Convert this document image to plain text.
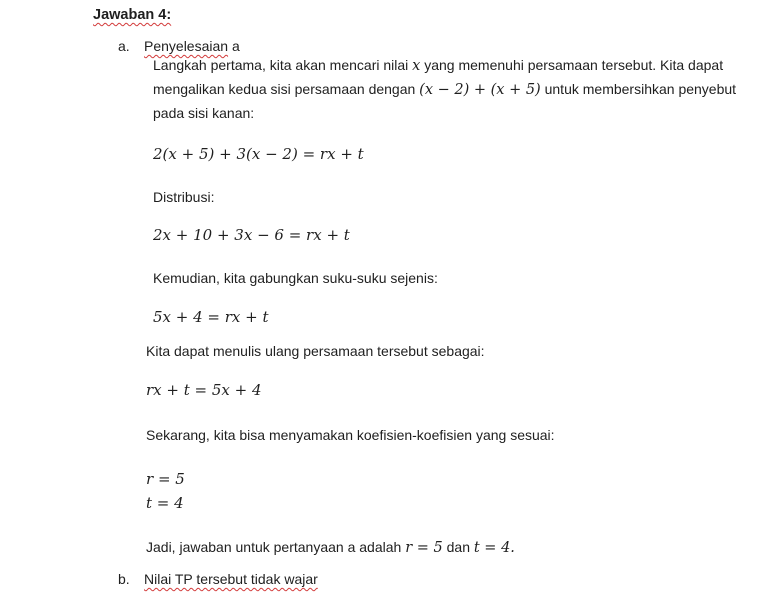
Jawaban 4:
a. Penyelesaian a
Langkah pertama, kita akan mencari nilai x yang memenuhi persamaan tersebut. Kita dapat
mengalikan kedua sisi persamaan dengan (x − 2) + (x + 5) untuk membersihkan penyebut
pada sisi kanan:
2(x + 5) + 3(x − 2) = rx + t
Distribusi:
2x + 10 + 3x − 6 = rx + t
Kemudian, kita gabungkan suku-suku sejenis:
5x + 4 = rx + t
Kita dapat menulis ulang persamaan tersebut sebagai:
rx + t = 5x + 4
Sekarang, kita bisa menyamakan koefisien-koefisien yang sesuai:
r = 5
t = 4
Jadi, jawaban untuk pertanyaan a adalah r = 5 dan t = 4.
b. Nilai TP tersebut tidak wajar
